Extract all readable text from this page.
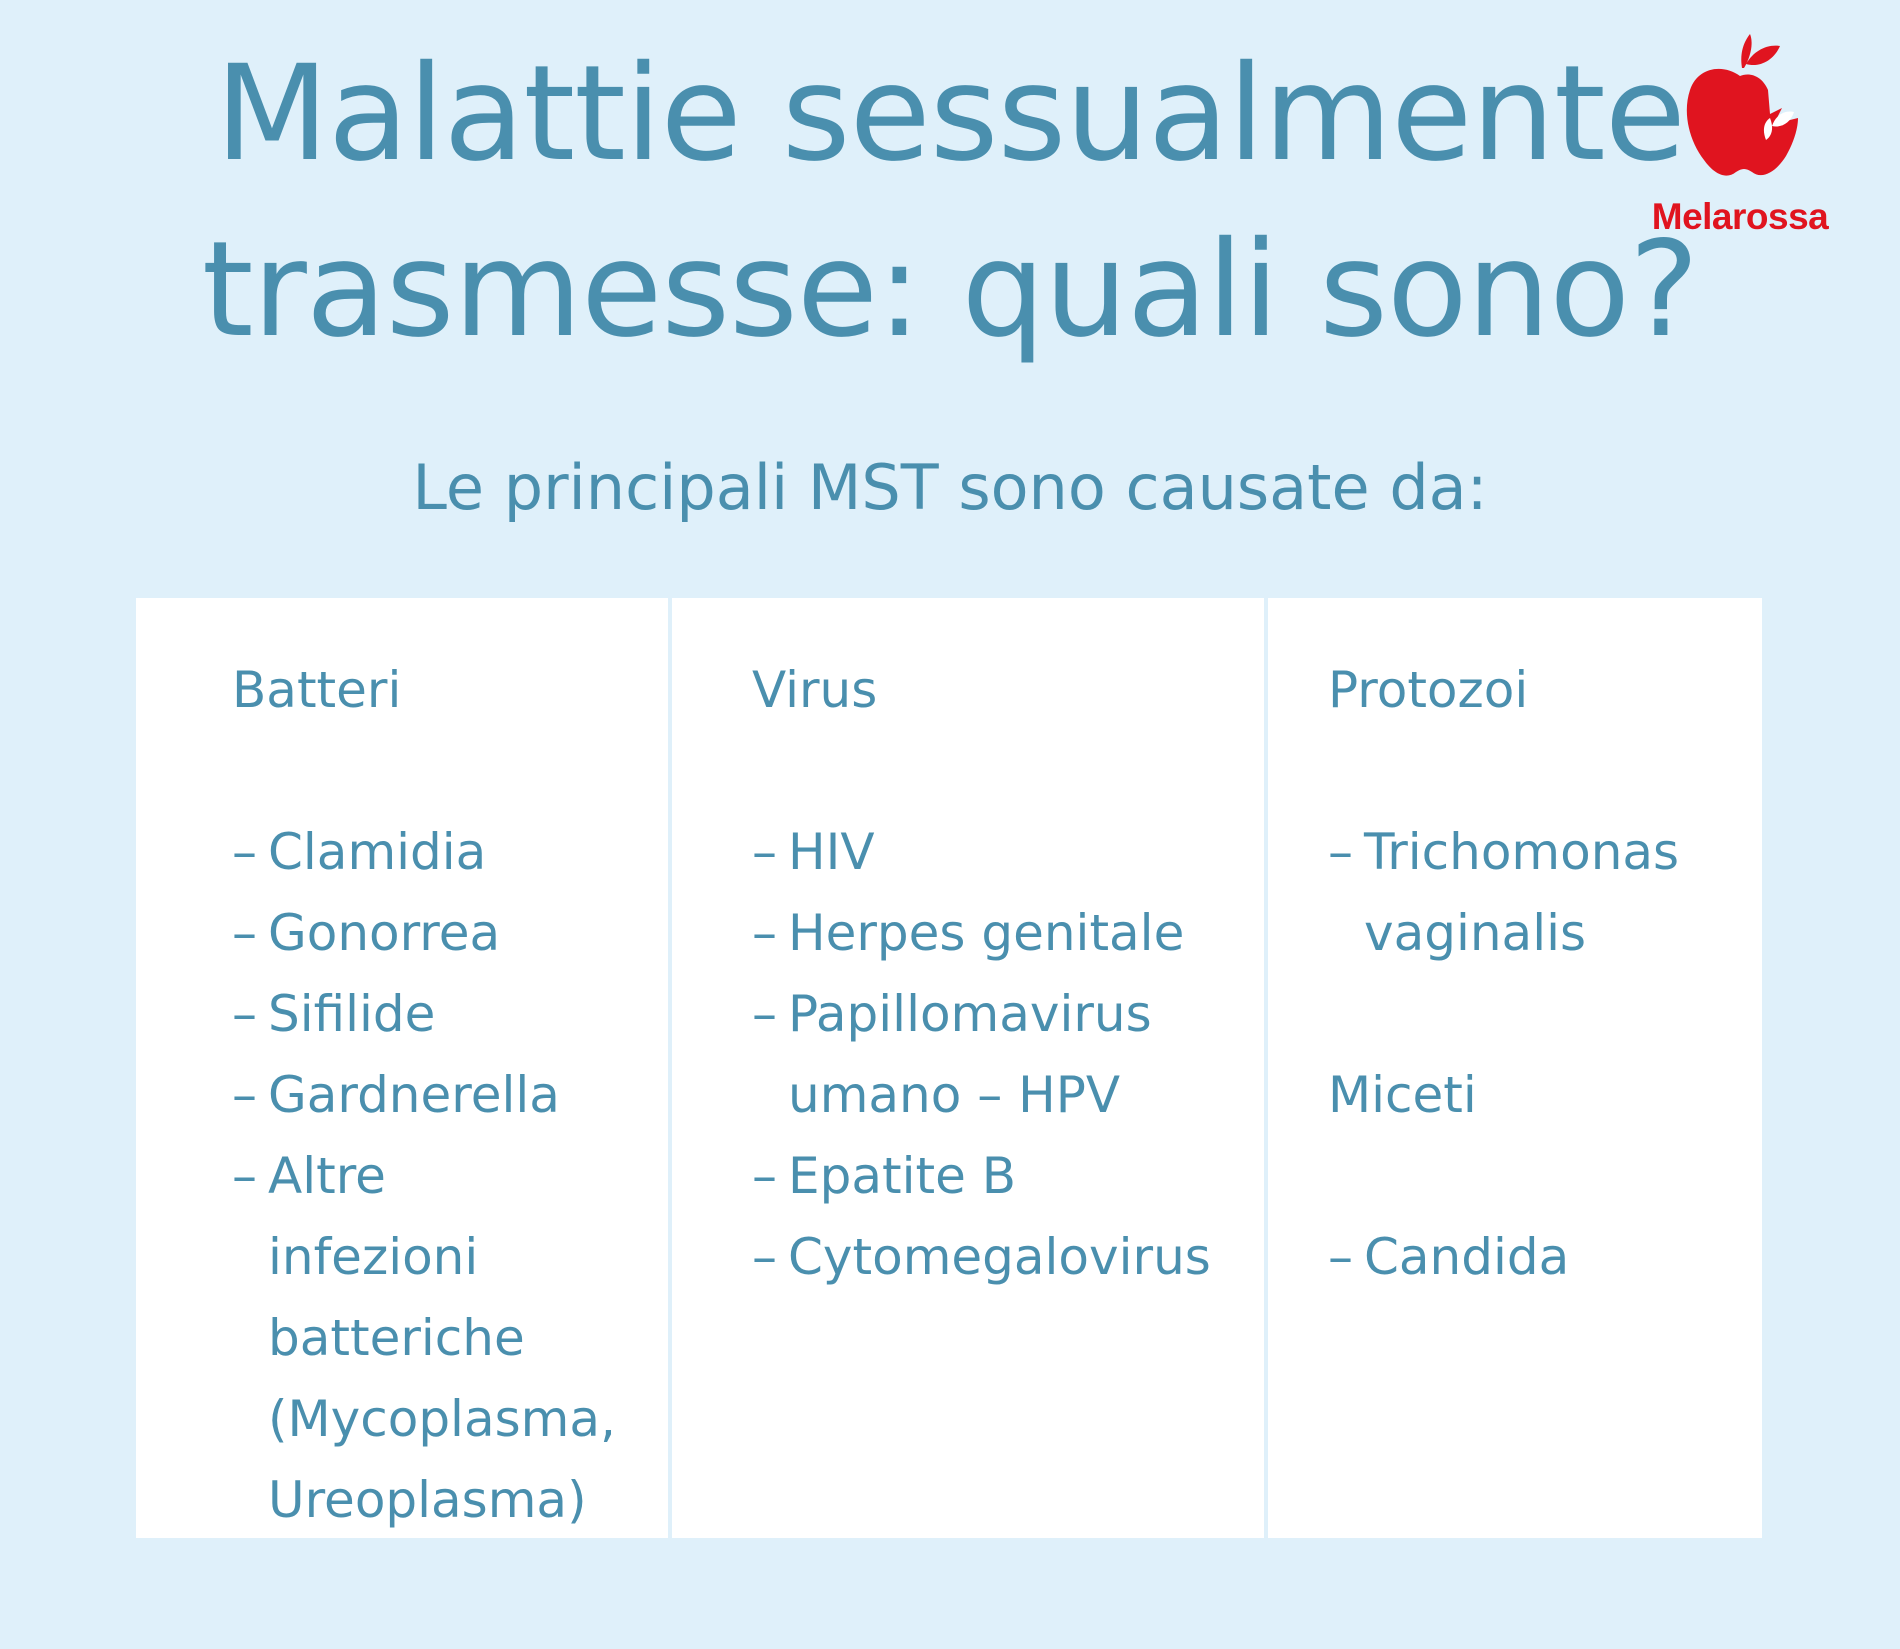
Malattie sessualmente
trasmesse: quali sono?
Melarossa
Le principali MST sono causate da:
Batteri
– Clamidia
– Gonorrea
– Sifilide
– Gardnerella
– Altre infezioni batteriche (Mycoplasma, Ureoplasma)
Virus
– HIV
– Herpes genitale
– Papillomavirus umano – HPV
– Epatite B
– Cytomegalovirus
Protozoi
– Trichomonas vaginalis
Miceti
– Candida
